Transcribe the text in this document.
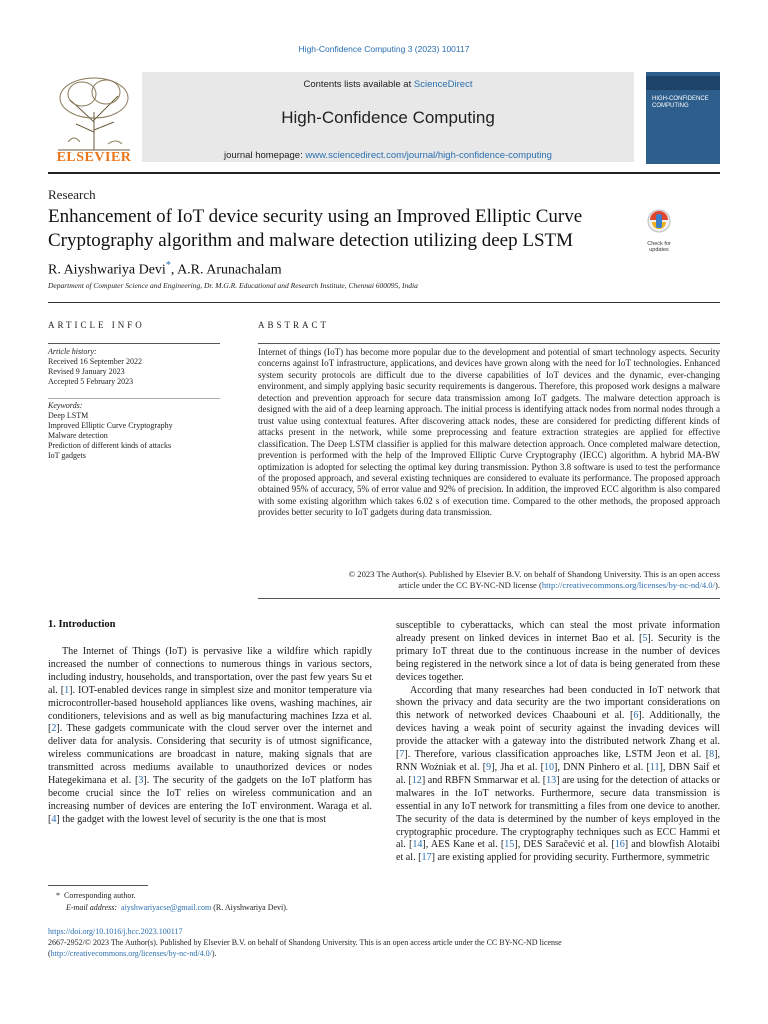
High-Confidence Computing 3 (2023) 100117
ELSEVIER
Contents lists available at ScienceDirect
High-Confidence Computing
journal homepage: www.sciencedirect.com/journal/high-confidence-computing
HIGH-CONFIDENCE COMPUTING
Research
Enhancement of IoT device security using an Improved Elliptic Curve Cryptography algorithm and malware detection utilizing deep LSTM	Check for updates
R. Aiyshwariya Devi*, A.R. Arunachalam
Department of Computer Science and Engineering, Dr. M.G.R. Educational and Research Institute, Chennai 600095, India
ARTICLE INFO
Article history:
Received 16 September 2022
Revised 9 January 2023
Accepted 5 February 2023
Keywords:
Deep LSTM
Improved Elliptic Curve Cryptography
Malware detection
Prediction of different kinds of attacks
IoT gadgets
ABSTRACT
Internet of things (IoT) has become more popular due to the development and potential of smart technology aspects. Security concerns against IoT infrastructure, applications, and devices have grown along with the need for IoT technologies. Enhanced system security protocols are difficult due to the diverse capabilities of IoT devices and the dynamic, ever-changing environment, and simply applying basic security requirements is dangerous. Therefore, this proposed work designs a malware detection and prevention approach for secure data transmission among IoT gadgets. The malware detection approach is designed with the aid of a deep learning approach. The initial process is identifying attack nodes from normal nodes through a trust value using contextual features. After discovering attack nodes, these are considered for predicting different kinds of attacks present in the network, while some preprocessing and feature extraction strategies are applied for effective classification. The Deep LSTM classifier is applied for this malware detection approach. Once completed malware detection, prevention is performed with the help of the Improved Elliptic Curve Cryptography (IECC) algorithm. A hybrid MA-BW optimization is adopted for selecting the optimal key during transmission. Python 3.8 software is used to test the performance of the proposed approach, and several existing techniques are considered to evaluate its performance. The proposed approach obtained 95% of accuracy, 5% of error value and 92% of precision. In addition, the improved ECC algorithm is also compared with some existing algorithm which takes 6.02 s of execution time. Compared to the other methods, the proposed approach provides better security to IoT gadgets during data transmission.
© 2023 The Author(s). Published by Elsevier B.V. on behalf of Shandong University. This is an open access
article under the CC BY-NC-ND license (http://creativecommons.org/licenses/by-nc-nd/4.0/).
1. Introduction

The Internet of Things (IoT) is pervasive like a wildfire which rapidly increased the number of connections to numerous things in various sectors, including industry, households, and transportation, over the past few years Su et al. [1]. IOT-enabled devices range in simplest size and monitor temperature via microcontroller-based household appliances like ovens, washing machines, air conditioners, televisions and as well as big manufacturing machines Izza et al. [2]. These gadgets communicate with the cloud server over the internet and deliver data for analysis. Considering that security is of utmost significance, wireless communications are broadcast in nature, making signals that are transmitted across mediums available to unauthorized devices or nodes Hategekimana et al. [3]. The security of the gadgets on the IoT platform has become crucial since the IoT relies on wireless communication and an increasing number of devices are entering the IoT environment. Waraga et al. [4] the gadget with the lowest level of security is the one that is most

susceptible to cyberattacks, which can steal the most private information already present on linked devices in internet Bao et al. [5]. Security is the primary IoT threat due to the continuous increase in the number of devices being registered in the network since a lot of data is being generated from these devices together.

According that many researches had been conducted in IoT network that shown the privacy and data security are the two important considerations on this network of networked devices Chaabouni et al. [6]. Additionally, the devices having a weak point of security against the invading devices will provide the attacker with a gateway into the distributed network Zhang et al. [7]. Therefore, various classification approaches like, LSTM Jeon et al. [8], RNN Woźniak et al. [9], Jha et al. [10], DNN Pinhero et al. [11], DBN Saif et al. [12] and RBFN Smmarwar et al. [13] are using for the detection of attacks or malwares in the IoT networks. Furthermore, secure data transmission is essential in any IoT network for transmitting a files from one device to another. The security of the data is determined by the number of keys employed in the cryptographic procedure. The cryptography techniques such as ECC Hammi et al. [14], AES Kane et al. [15], DES Saračević et al. [16] and blowfish Alotaibi et al. [17] are existing applied for providing security. Furthermore, symmetric

* Corresponding author.
E-mail address: aiyshwariyacse@gmail.com (R. Aiyshwariya Devi).
https://doi.org/10.1016/j.hcc.2023.100117
2667-2952/© 2023 The Author(s). Published by Elsevier B.V. on behalf of Shandong University. This is an open access article under the CC BY-NC-ND license
(http://creativecommons.org/licenses/by-nc-nd/4.0/).
